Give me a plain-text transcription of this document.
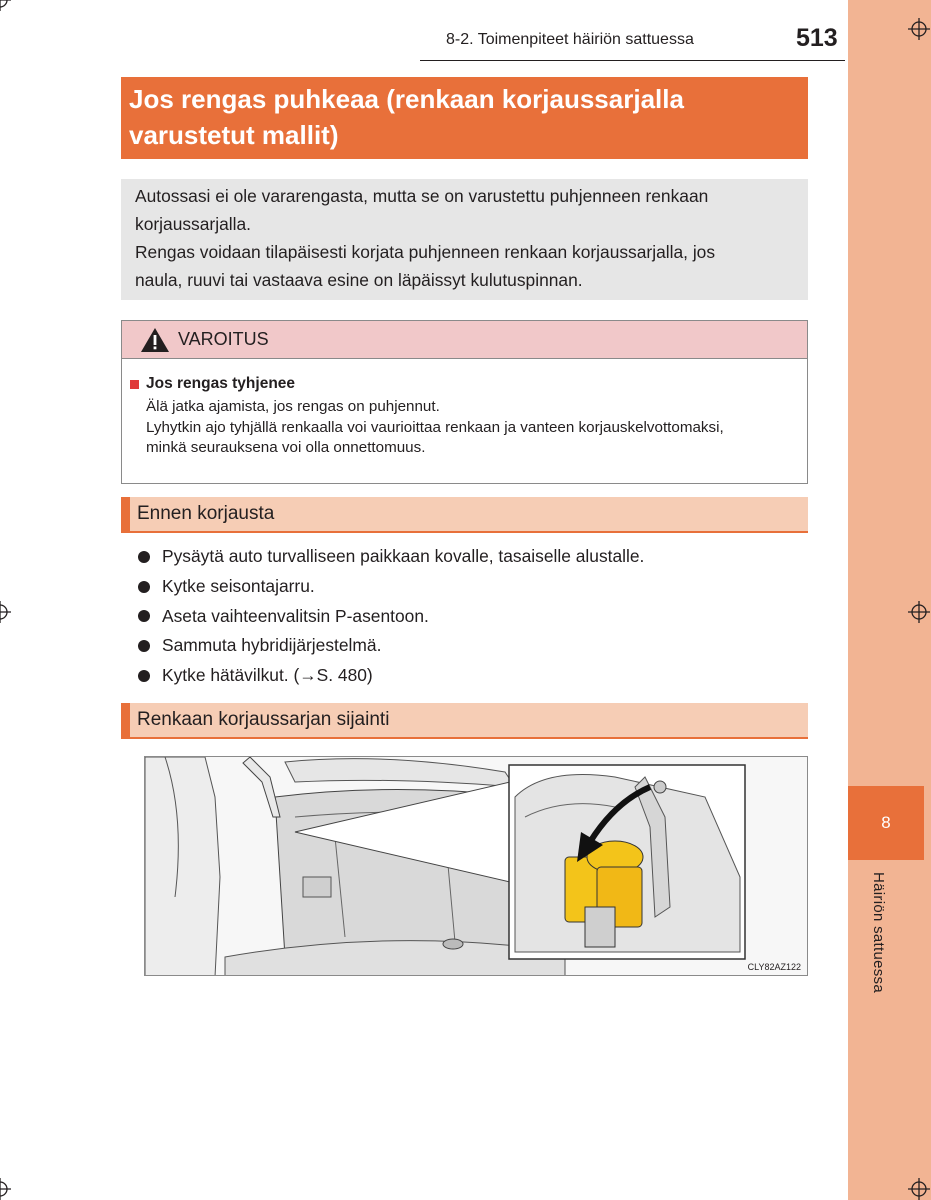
8
Häiriön sattuessa
8-2. Toimenpiteet häiriön sattuessa	513

Jos rengas puhkeaa (renkaan korjaussarjalla

varustetut mallit)

Autossasi ei ole vararengasta, mutta se on varustettu puhjenneen renkaan

korjaussarjalla.

Rengas voidaan tilapäisesti korjata puhjenneen renkaan korjaussarjalla, jos

naula, ruuvi tai vastaava esine on läpäissyt kulutuspinnan.

VAROITUS
Jos rengas tyhjenee

Älä jatka ajamista, jos rengas on puhjennut.

Lyhytkin ajo tyhjällä renkaalla voi vaurioittaa renkaan ja vanteen korjauskelvottomaksi,

minkä seurauksena voi olla onnettomuus.

Ennen korjausta
Pysäytä auto turvalliseen paikkaan kovalle, tasaiselle alustalle.
Kytke seisontajarru.
Aseta vaihteenvalitsin P-asentoon.
Sammuta hybridijärjestelmä.
Kytke hätävilkut. (→S. 480)
Renkaan korjaussarjan sijainti
CLY82AZ122
